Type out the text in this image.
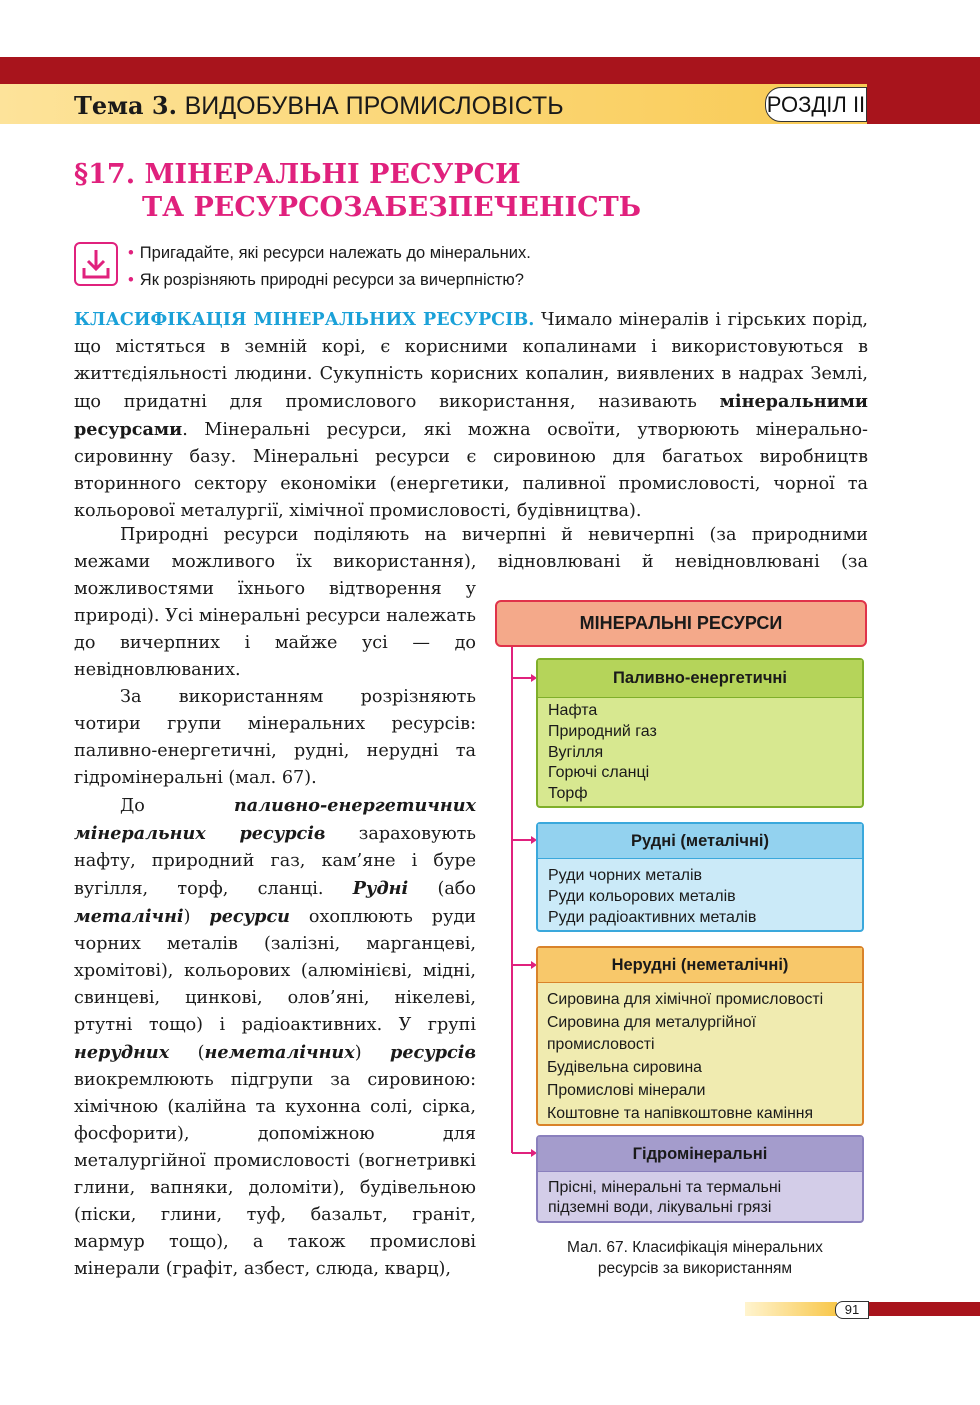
Тема 3. ВИДОБУВНА ПРОМИСЛОВІСТЬ	РОЗДІЛ ІІ
§17. МІНЕРАЛЬНІ РЕСУРСИ
ТА РЕСУРСОЗАБЕЗПЕЧЕНІСТЬ
• Пригадайте, які ресурси належать до мінеральних.
• Як розрізняють природні ресурси за вичерпністю?
КЛАСИФІКАЦІЯ МІНЕРАЛЬНИХ РЕСУРСІВ. Чимало мінералів і гірських порід, що містяться в земній корі, є корисними копалинами і використовуються в життєдіяльності людини. Сукупність корисних копалин, виявлених в надрах Землі, що придатні для промислового використання, називають мінеральними ресурсами. Мінеральні ресурси, які можна освоїти, утворюють мінерально-сировинну базу. Мінеральні ресурси є сировиною для багатьох виробництв вторинного сектору економіки (енергетики, паливної промисловості, чорної та кольорової металургії, хімічної промисловості, будівництва).
Природні ресурси поділяють на вичерпні й невичерпні (за природними межами можливого їх використання), відновлювані й невідновлювані (за
можливостями їхнього відтворення у природі). Усі мінеральні ресурси належать до вичерпних і майже усі — до невідновлюваних.
За використанням розрізняють чотири групи мінеральних ресурсів: паливно-енергетичні, рудні, нерудні та гідромінеральні (мал. 67).
До паливно-енергетичних мінеральних ресурсів зараховують нафту, природний газ, кам’яне і буре вугілля, торф, сланці. Рудні (або металічні) ресурси охоплюють руди чорних металів (залізні, марганцеві, хромітові), кольорових (алюмінієві, мідні, свинцеві, цинкові, олов’яні, нікелеві, ртутні тощо) і радіоактивних. У групі нерудних (неметалічних) ресурсів виокремлюють підгрупи за сировиною: хімічною (калійна та кухонна солі, сірка, фосфорити), допоміжною для металургійної промисловості (вогнетривкі глини, вапняки, доломіти), будівельною (піски, глини, туф, базальт, граніт, мармур тощо), а також промислові мінерали (графіт, азбест, слюда, кварц),
МІНЕРАЛЬНІ РЕСУРСИ
Паливно-енергетичні
Нафта
Природний газ
Вугілля
Горючі сланці
Торф
Рудні (металічні)
Руди чорних металів
Руди кольорових металів
Руди радіоактивних металів
Нерудні (неметалічні)
Сировина для хімічної промисловості
Сировина для металургійної
промисловості
Будівельна сировина
Промислові мінерали
Коштовне та напівкоштовне каміння
Гідромінеральні
Прісні, мінеральні та термальні
підземні води, лікувальні грязі
Мал. 67. Класифікація мінеральних
ресурсів за використанням
91
